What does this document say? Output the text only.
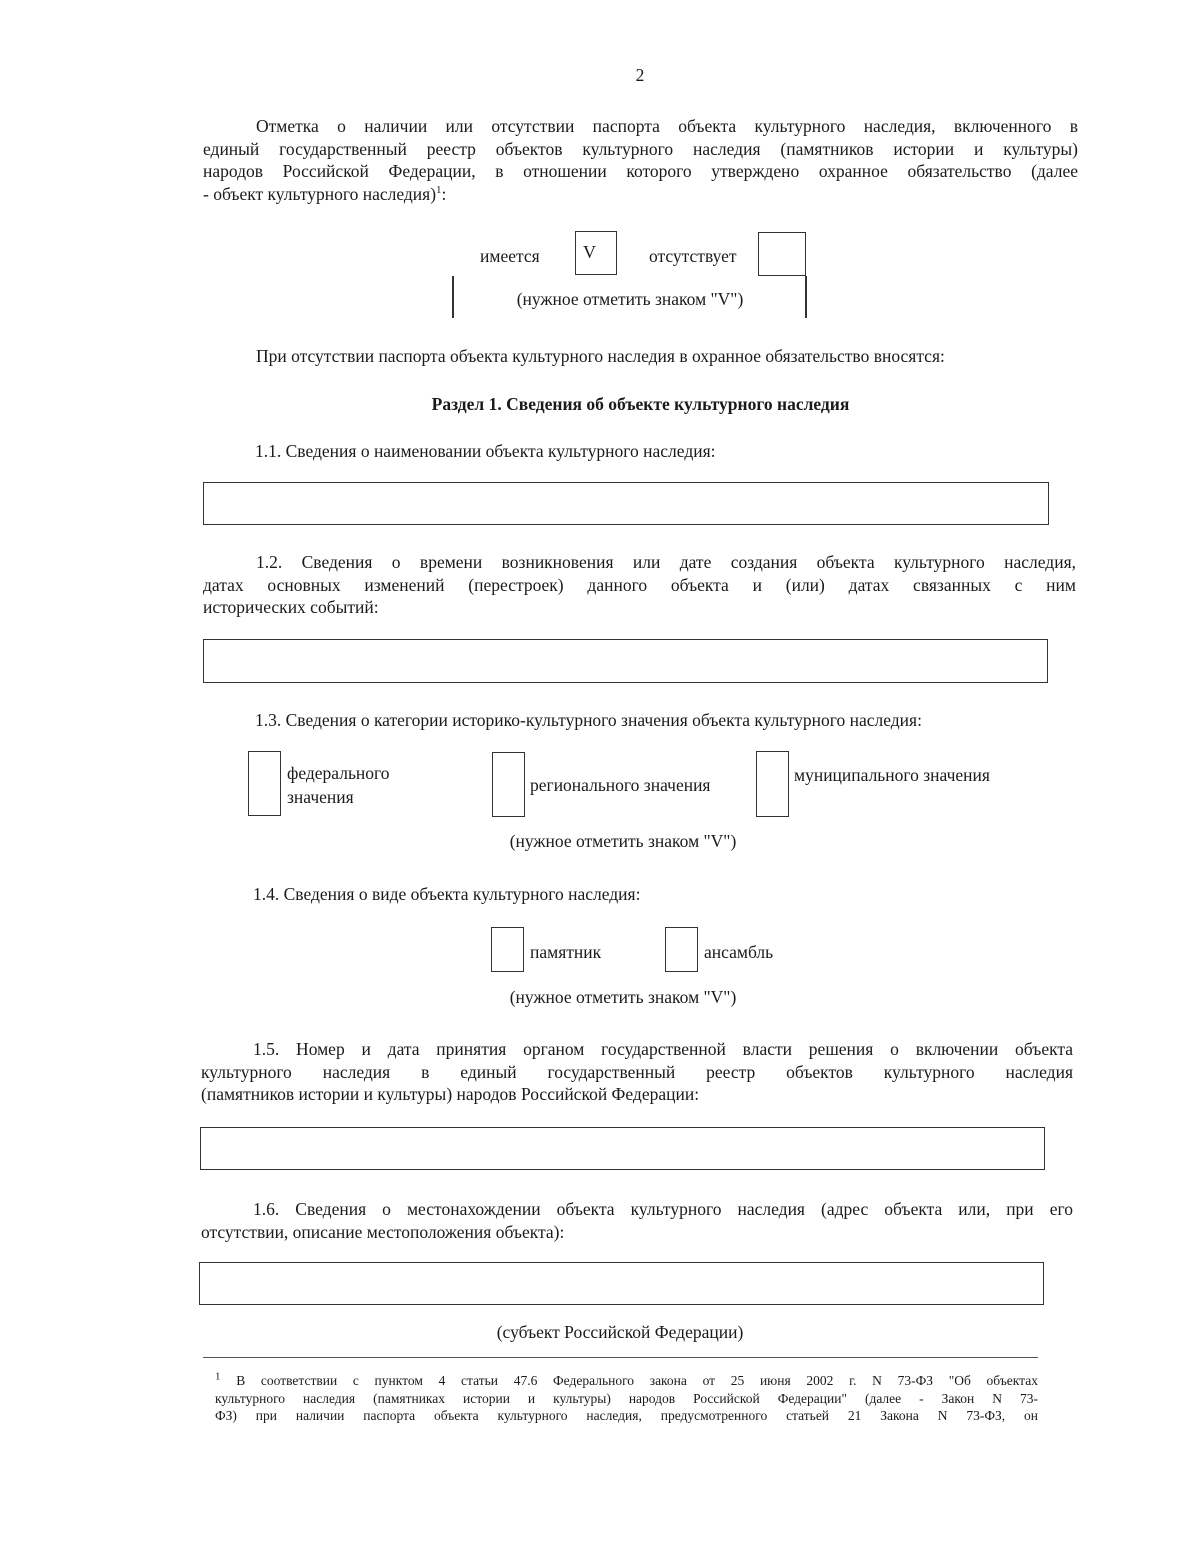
2
Отметка о наличии или отсутствии паспорта объекта культурного наследия, включенного в
единый государственный реестр объектов культурного наследия (памятников истории и культуры)
народов Российской Федерации, в отношении которого утверждено охранное обязательство (далее
- объект культурного наследия)$^1$:
имеется V	отсутствует
(нужное отметить знаком "V")
При отсутствии паспорта объекта культурного наследия в охранное обязательство вносятся:
Раздел 1. Сведения об объекте культурного наследия
1.1. Сведения о наименовании объекта культурного наследия:
1.2. Сведения о времени возникновения или дате создания объекта культурного наследия,
датах основных изменений (перестроек) данного объекта и (или) датах связанных с ним
исторических событий:
1.3. Сведения о категории историко-культурного значения объекта культурного наследия:
федерального
значения
регионального значения	муниципального значения
(нужное отметить знаком "V")
1.4. Сведения о виде объекта культурного наследия:
памятник	ансамбль
(нужное отметить знаком "V")
1.5. Номер и дата принятия органом государственной власти решения о включении объекта
культурного наследия в единый государственный реестр объектов культурного наследия
(памятников истории и культуры) народов Российской Федерации:
1.6. Сведения о местонахождении объекта культурного наследия (адрес объекта или, при его
отсутствии, описание местоположения объекта):
(субъект Российской Федерации)
$^1$ В соответствии с пунктом 4 статьи 47.6 Федерального закона от 25 июня 2002 г. N 73-ФЗ "Об объектах
культурного наследия (памятниках истории и культуры) народов Российской Федерации" (далее - Закон N 73-
ФЗ) при наличии паспорта объекта культурного наследия, предусмотренного статьей 21 Закона N 73-ФЗ, он
